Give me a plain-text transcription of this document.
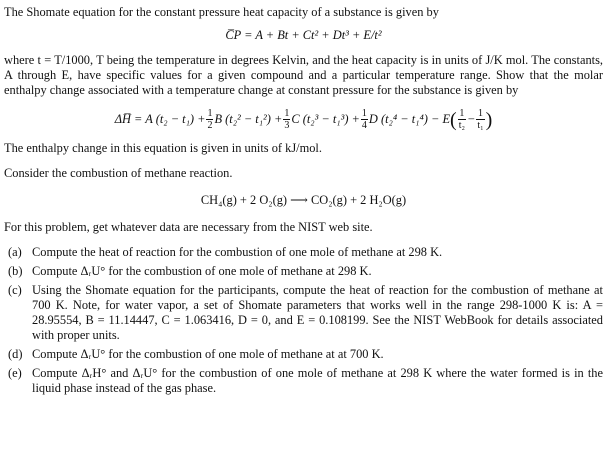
The Shomate equation for the constant pressure heat capacity of a substance is given by

C̅P = A + Bt + Ct² + Dt³ + E/t²

where t = T/1000, T being the temperature in degrees Kelvin, and the heat capacity is in units of J/K mol. The constants, A through E, have specific values for a given compound and a particular temperature range. Show that the molar enthalpy change associated with a temperature change at constant pressure for the substance is given by

ΔH̅ = A $(t_2 - t_1) + \frac{1}{2}$ B $(t_2^2 - t_1^2) + \frac{1}{3}$ C $(t_2^3 - t_1^3) + \frac{1}{4}$ D (t₂⁴ − t₁⁴) − E ( $\frac{1}{\text{t₂}} - \frac{1}{\text{t₁}}$ )

The enthalpy change in this equation is given in units of kJ/mol.

Consider the combustion of methane reaction.

CH₄(g) + 2 O₂(g) ⟶ CO₂(g) + 2 H₂O(g)

For this problem, get whatever data are necessary from the NIST web site.

(a) Compute the heat of reaction for the combustion of one mole of methane at 298 K.
(b) Compute ΔᵣU° for the combustion of one mole of methane at 298 K.
(c) Using the Shomate equation for the participants, compute the heat of reaction for the combustion of methane at 700 K. Note, for water vapor, a set of Shomate parameters that works well in the range 298-1000 K is: A = 28.95554, B = 11.14447, C = 1.063416, D = 0, and E = 0.108199. See the NIST WebBook for details associated with proper units.
(d) Compute ΔᵣU° for the combustion of one mole of methane at at 700 K.
(e) Compute ΔᵣH° and ΔᵣU° for the combustion of one mole of methane at 298 K where the water formed is in the liquid phase instead of the gas phase.
